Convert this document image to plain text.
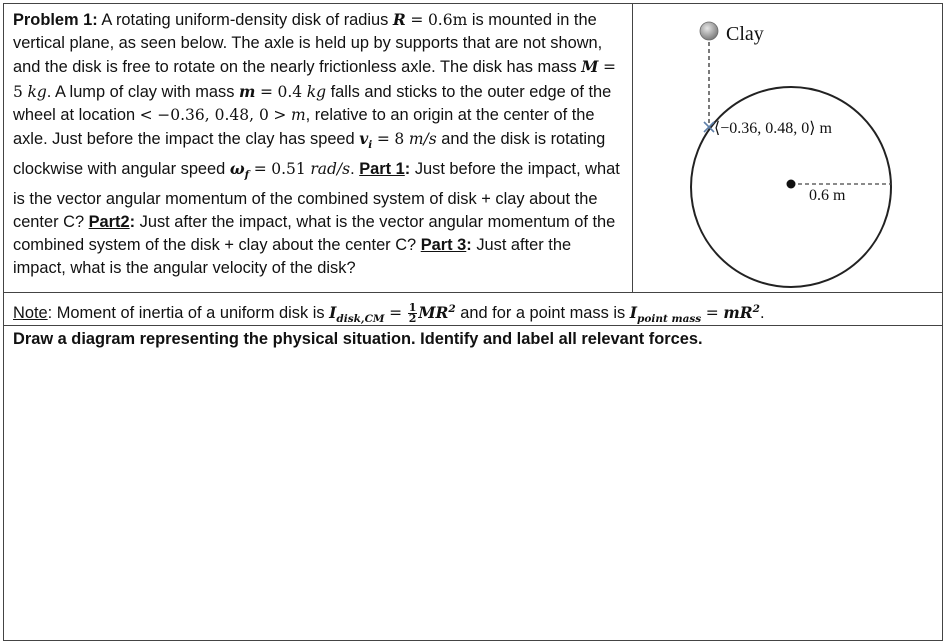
Problem 1: A rotating uniform-density disk of radius R = 0.6m is mounted in the vertical plane, as seen below. The axle is held up by supports that are not shown, and the disk is free to rotate on the nearly frictionless axle. The disk has mass M = 5 kg. A lump of clay with mass m = 0.4 kg falls and sticks to the outer edge of the wheel at location < −0.36, 0.48, 0 > m, relative to an origin at the center of the axle. Just before the impact the clay has speed $v_i = 8$ m/s and the disk is rotating clockwise with angular speed $\omega_f = 0.51$ rad/s. Part 1: Just before the impact, what is the vector angular momentum of the combined system of disk + clay about the center C? Part2: Just after the impact, what is the vector angular momentum of the combined system of the disk + clay about the center C? Part 3: Just after the impact, what is the angular velocity of the disk?
Clay
0.6 m
⟨−0.36, 0.48, 0⟩ m
Note: Moment of inertia of a uniform disk is $I_{disk,CM} = \frac{1}{2} MR^2$ and for a point mass is $I_{point mass} = mR^2$.
Draw a diagram representing the physical situation. Identify and label all relevant forces.
